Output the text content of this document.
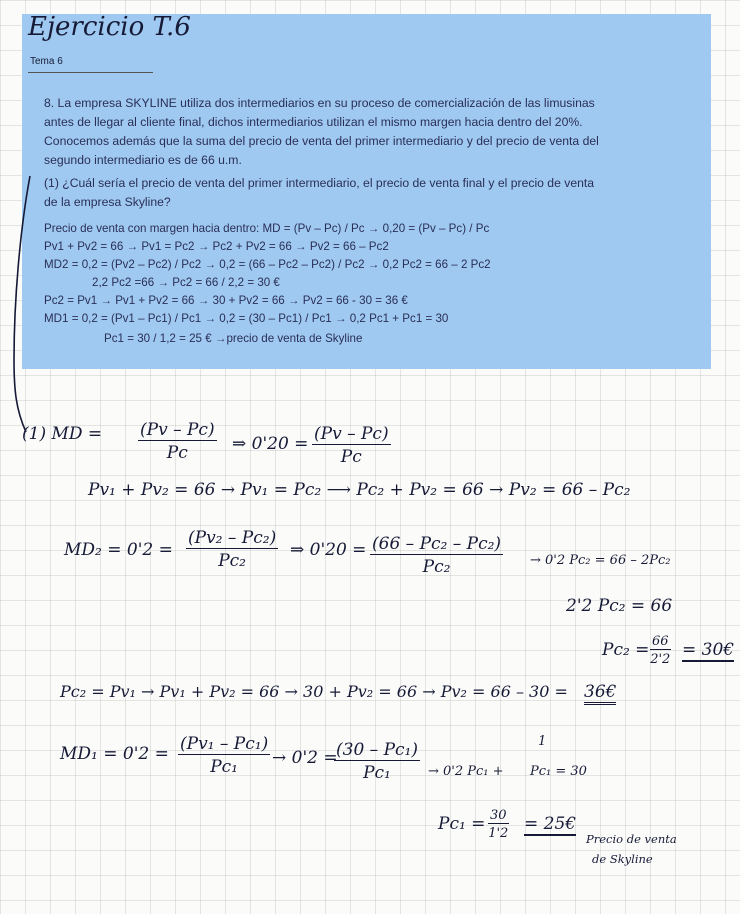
Ejercicio T.6
Tema 6
8. La empresa SKYLINE utiliza dos intermediarios en su proceso de comercialización de las limusinas
antes de llegar al cliente final, dichos intermediarios utilizan el mismo margen hacia dentro del 20%.
Conocemos además que la suma del precio de venta del primer intermediario y del precio de venta del
segundo intermediario es de 66 u.m.
(1) ¿Cuál sería el precio de venta del primer intermediario, el precio de venta final y el precio de venta
de la empresa Skyline?
Precio de venta con margen hacia dentro: MD = (Pv – Pc) / Pc → 0,20 = (Pv – Pc) / Pc
Pv1 + Pv2 = 66 → Pv1 = Pc2 → Pc2 + Pv2 = 66 → Pv2 = 66 – Pc2
MD2 = 0,2 = (Pv2 – Pc2) / Pc2 → 0,2 = (66 – Pc2 – Pc2) / Pc2 → 0,2 Pc2 = 66 – 2 Pc2
2,2 Pc2 =66 → Pc2 = 66 / 2,2 = 30 €
Pc2 = Pv1 → Pv1 + Pv2 = 66 → 30 + Pv2 = 66 → Pv2 = 66 - 30 = 36 €
MD1 = 0,2 = (Pv1 – Pc1) / Pc1 → 0,2 = (30 – Pc1) / Pc1 → 0,2 Pc1 + Pc1 = 30
Pc1 = 30 / 1,2 = 25 € →precio de venta de Skyline
(1) MD = $\frac{(Pv - Pc)}{Pc}$ ⇒ $0'20 = \frac{(Pv - Pc)}{Pc}$
Pv₁ + Pv₂ = 66 → Pv₁ = Pc₂ ⟶ Pc₂ + Pv₂ = 66 → Pv₂ = 66 – Pc₂
$MD_2 = 0'2 = \frac{\text{(Pv₂ – Pc₂)}}{\text{Pc₂}}$ ⇒ $0'20 = \frac{\text{(66 – Pc₂ – Pc₂)}}{\text{Pc₂}} \to 0'2$ Pc₂ = 66 – 2Pc₂
2'2 Pc₂ = 66
$Pc_2 = \frac{66}{2'2}$ = 30€
Pc₂ = Pv₁ → Pv₁ + Pv₂ = 66 → 30 + Pv₂ = 66 → Pv₂ = 66 – 30 = 36€
$MD_1 = 0'2 = \frac{\text{(Pv₁ – Pc₁)}}{\text{Pc₁}} \to 0'2$ =
$\frac{\text{(30 – Pc₁)}}{\text{Pc₁}} \to 0'2$ Pc₁ +
1
Pc₁ = 30
$Pc_1 = \frac{30}{1'2}$ = 25€
Precio de venta
de Skyline
